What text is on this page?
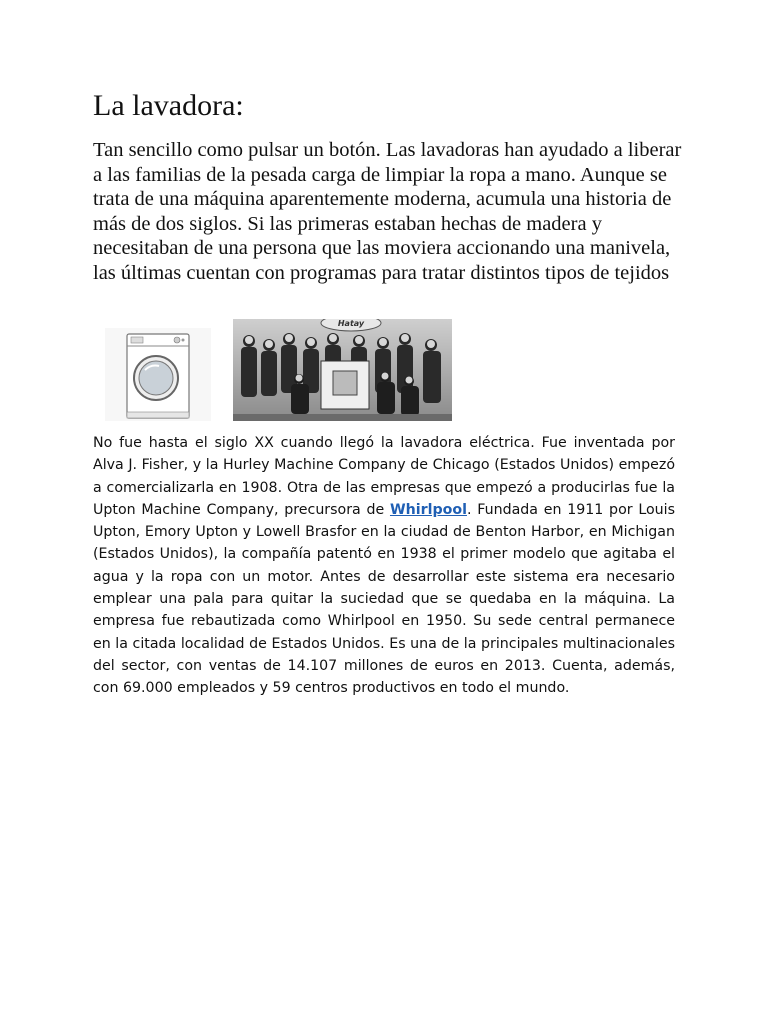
La lavadora:

Tan sencillo como pulsar un botón. Las lavadoras han ayudado a liberar a las familias de la pesada carga de limpiar la ropa a mano. Aunque se trata de una máquina aparentemente moderna, acumula una historia de más de dos siglos. Si las primeras estaban hechas de madera y necesitaban de una persona que las moviera accionando una manivela, las últimas cuentan con programas para tratar distintos tipos de tejidos

Hatay

No fue hasta el siglo XX cuando llegó la lavadora eléctrica. Fue inventada por Alva J. Fisher, y la Hurley Machine Company de Chicago (Estados Unidos) empezó a comercializarla en 1908. Otra de las empresas que empezó a producirlas fue la Upton Machine Company, precursora de Whirlpool. Fundada en 1911 por Louis Upton, Emory Upton y Lowell Brasfor en la ciudad de Benton Harbor, en Michigan (Estados Unidos), la compañía patentó en 1938 el primer modelo que agitaba el agua y la ropa con un motor. Antes de desarrollar este sistema era necesario emplear una pala para quitar la suciedad que se quedaba en la máquina. La empresa fue rebautizada como Whirlpool en 1950. Su sede central permanece en la citada localidad de Estados Unidos. Es una de la principales multinacionales del sector, con ventas de 14.107 millones de euros en 2013. Cuenta, además, con 69.000 empleados y 59 centros productivos en todo el mundo.
